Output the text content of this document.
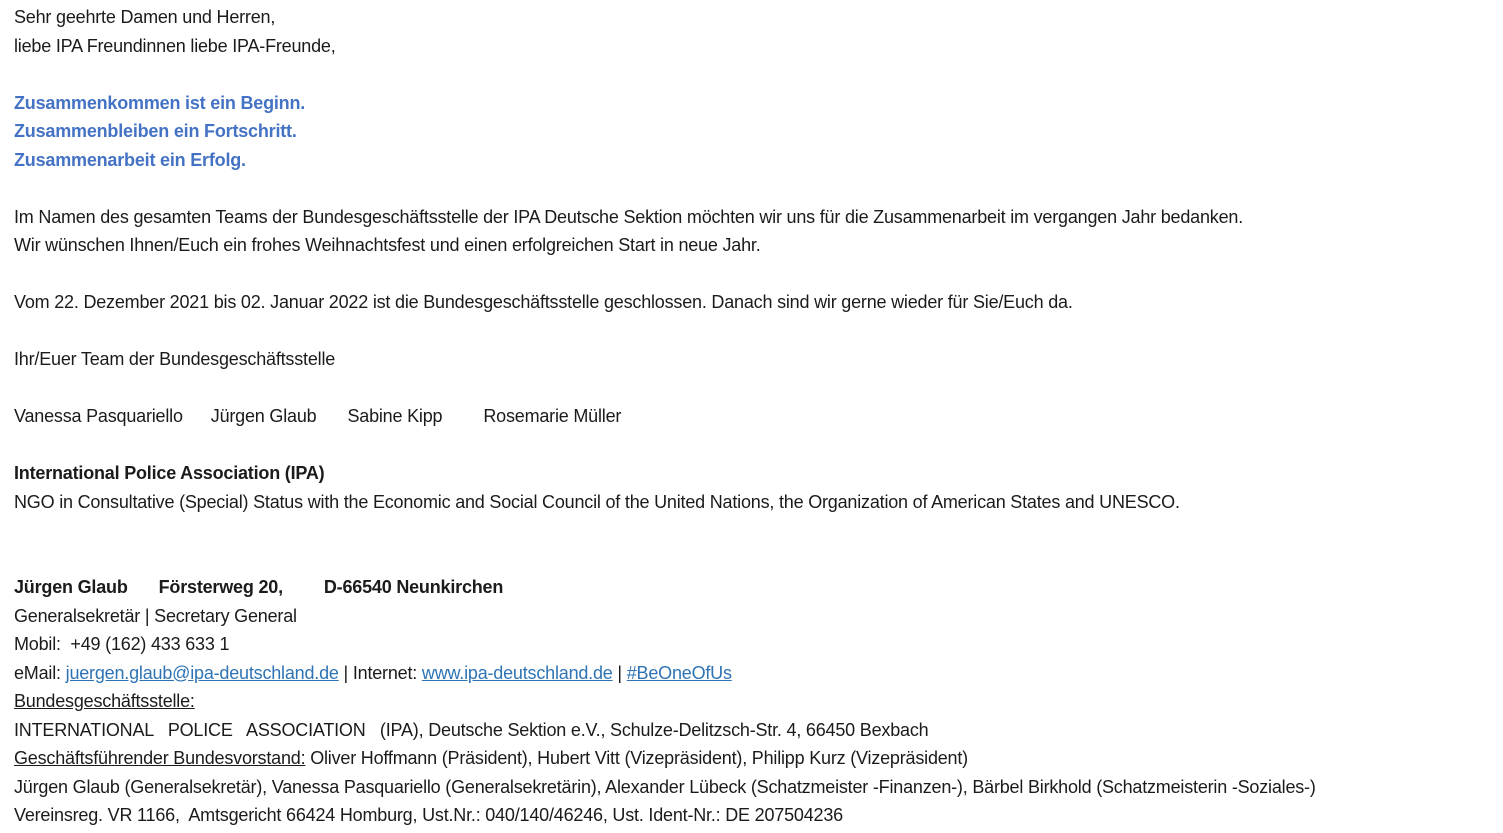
Sehr geehrte Damen und Herren,

liebe IPA Freundinnen liebe IPA-Freunde,

Zusammenkommen ist ein Beginn.

Zusammenbleiben ein Fortschritt.

Zusammenarbeit ein Erfolg.

Im Namen des gesamten Teams der Bundesgeschäftsstelle der IPA Deutsche Sektion möchten wir uns für die Zusammenarbeit im vergangen Jahr bedanken.

Wir wünschen Ihnen/Euch ein frohes Weihnachtsfest und einen erfolgreichen Start in neue Jahr.

Vom 22. Dezember 2021 bis 02. Januar 2022 ist die Bundesgeschäftsstelle geschlossen. Danach sind wir gerne wieder für Sie/Euch da.

Ihr/Euer Team der Bundesgeschäftsstelle

Vanessa Pasquariello Jürgen Glaub Sabine Kipp Rosemarie Müller

International Police Association (IPA)

NGO in Consultative (Special) Status with the Economic and Social Council of the United Nations, the Organization of American States and UNESCO.

Jürgen Glaub Försterweg 20, D-66540 Neunkirchen

Generalsekretär | Secretary General

Mobil:  +49 (162) 433 633 1

eMail: juergen.glaub@ipa-deutschland.de | Internet: www.ipa-deutschland.de | #BeOneOfUs

Bundesgeschäftsstelle:

INTERNATIONAL   POLICE   ASSOCIATION   (IPA), Deutsche Sektion e.V., Schulze-Delitzsch-Str. 4, 66450 Bexbach

Geschäftsführender Bundesvorstand: Oliver Hoffmann (Präsident), Hubert Vitt (Vizepräsident), Philipp Kurz (Vizepräsident)

Jürgen Glaub (Generalsekretär), Vanessa Pasquariello (Generalsekretärin), Alexander Lübeck (Schatzmeister -Finanzen-), Bärbel Birkhold (Schatzmeisterin -Soziales-)

Vereinsreg. VR 1166,  Amtsgericht 66424 Homburg, Ust.Nr.: 040/140/46246, Ust. Ident-Nr.: DE 207504236
